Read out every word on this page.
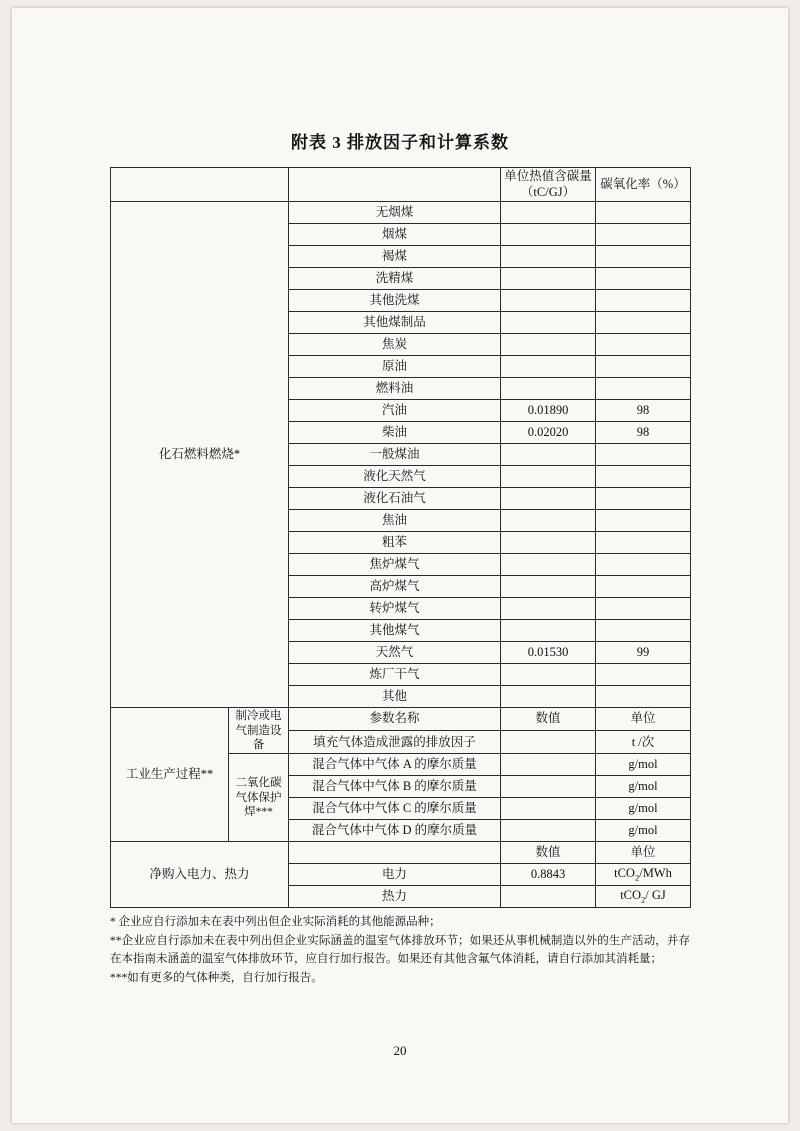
附表 3 排放因子和计算系数
			单位热值含碳量（tC/GJ）	碳氧化率（%）
化石燃料燃烧*		无烟煤		
		烟煤		
		褐煤		
		洗精煤		
		其他洗煤		
		其他煤制品		
		焦炭		
		原油		
		燃料油		
		汽油	0.01890	98
		柴油	0.02020	98
		一般煤油		
		液化天然气		
		液化石油气		
		焦油		
		粗苯		
		焦炉煤气		
		高炉煤气		
		转炉煤气		
		其他煤气		
		天然气	0.01530	99
		炼厂干气		
		其他		
工业生产过程**	制冷或电气制造设备	参数名称	数值	单位
		填充气体造成泄露的排放因子		t /次
	二氧化碳气体保护焊***	混合气体中气体 A 的摩尔质量		g/mol
		混合气体中气体 B 的摩尔质量		g/mol
		混合气体中气体 C 的摩尔质量		g/mol
		混合气体中气体 D 的摩尔质量		g/mol
净购入电力、热力			数值	单位
		电力	0.8843	tCO$_2$/MWh
		热力		tCO$_2$/ GJ

* 企业应自行添加未在表中列出但企业实际消耗的其他能源品种；

**企业应自行添加未在表中列出但企业实际涵盖的温室气体排放环节；如果还从事机械制造以外的生产活动，并存在本指南未涵盖的温室气体排放环节，应自行加行报告。如果还有其他含氟气体消耗，请自行添加其消耗量；

***如有更多的气体种类，自行加行报告。

20
